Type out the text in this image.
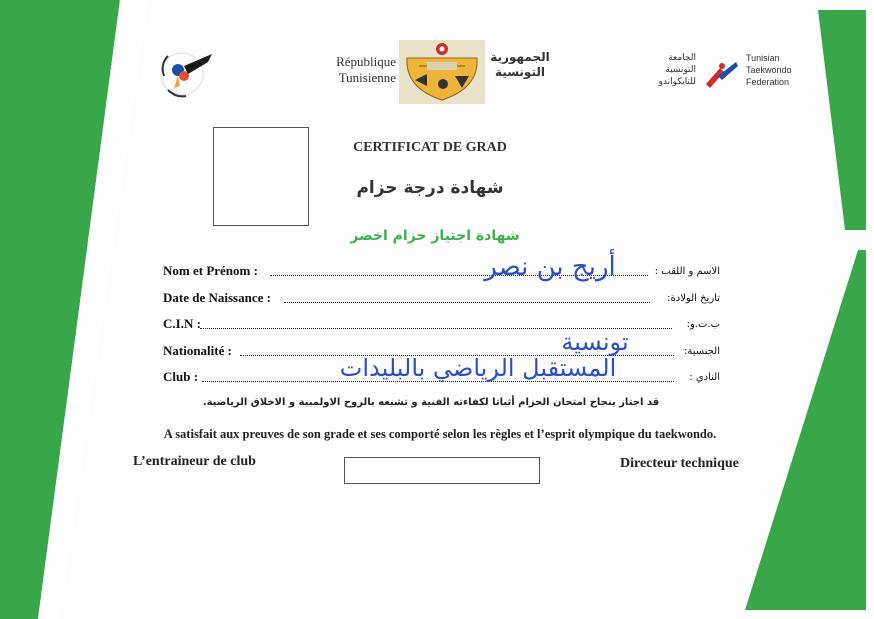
République
Tunisienne
الجمهورية
التونسية
الجامعة
التونسية
للتايكواندو
Tunisian
Taekwondo
Federation
CERTIFICAT DE GRAD
شهادة درجة حزام
شهادة اجتياز حزام اخضر
Nom et Prénom :	الاسم و اللقب :
أريج بن نصر
Date de Naissance :	تاريخ الولادة:
C.I.N :	ب.ت.و:
Nationalité :	الجنسية:
تونسية
Club :	النادي :
المستقبل الرياضي بالبليدات
قد اجتاز بنجاح امتحان الحزام أثباتا لكفاءته الفنية و تشبعه بالروح الاولمبية و الاخلاق الرياضية.
A satisfait aux preuves de son grade et ses comporté selon les règles et l’esprit olympique du taekwondo.
L’entraineur de club	Directeur technique
